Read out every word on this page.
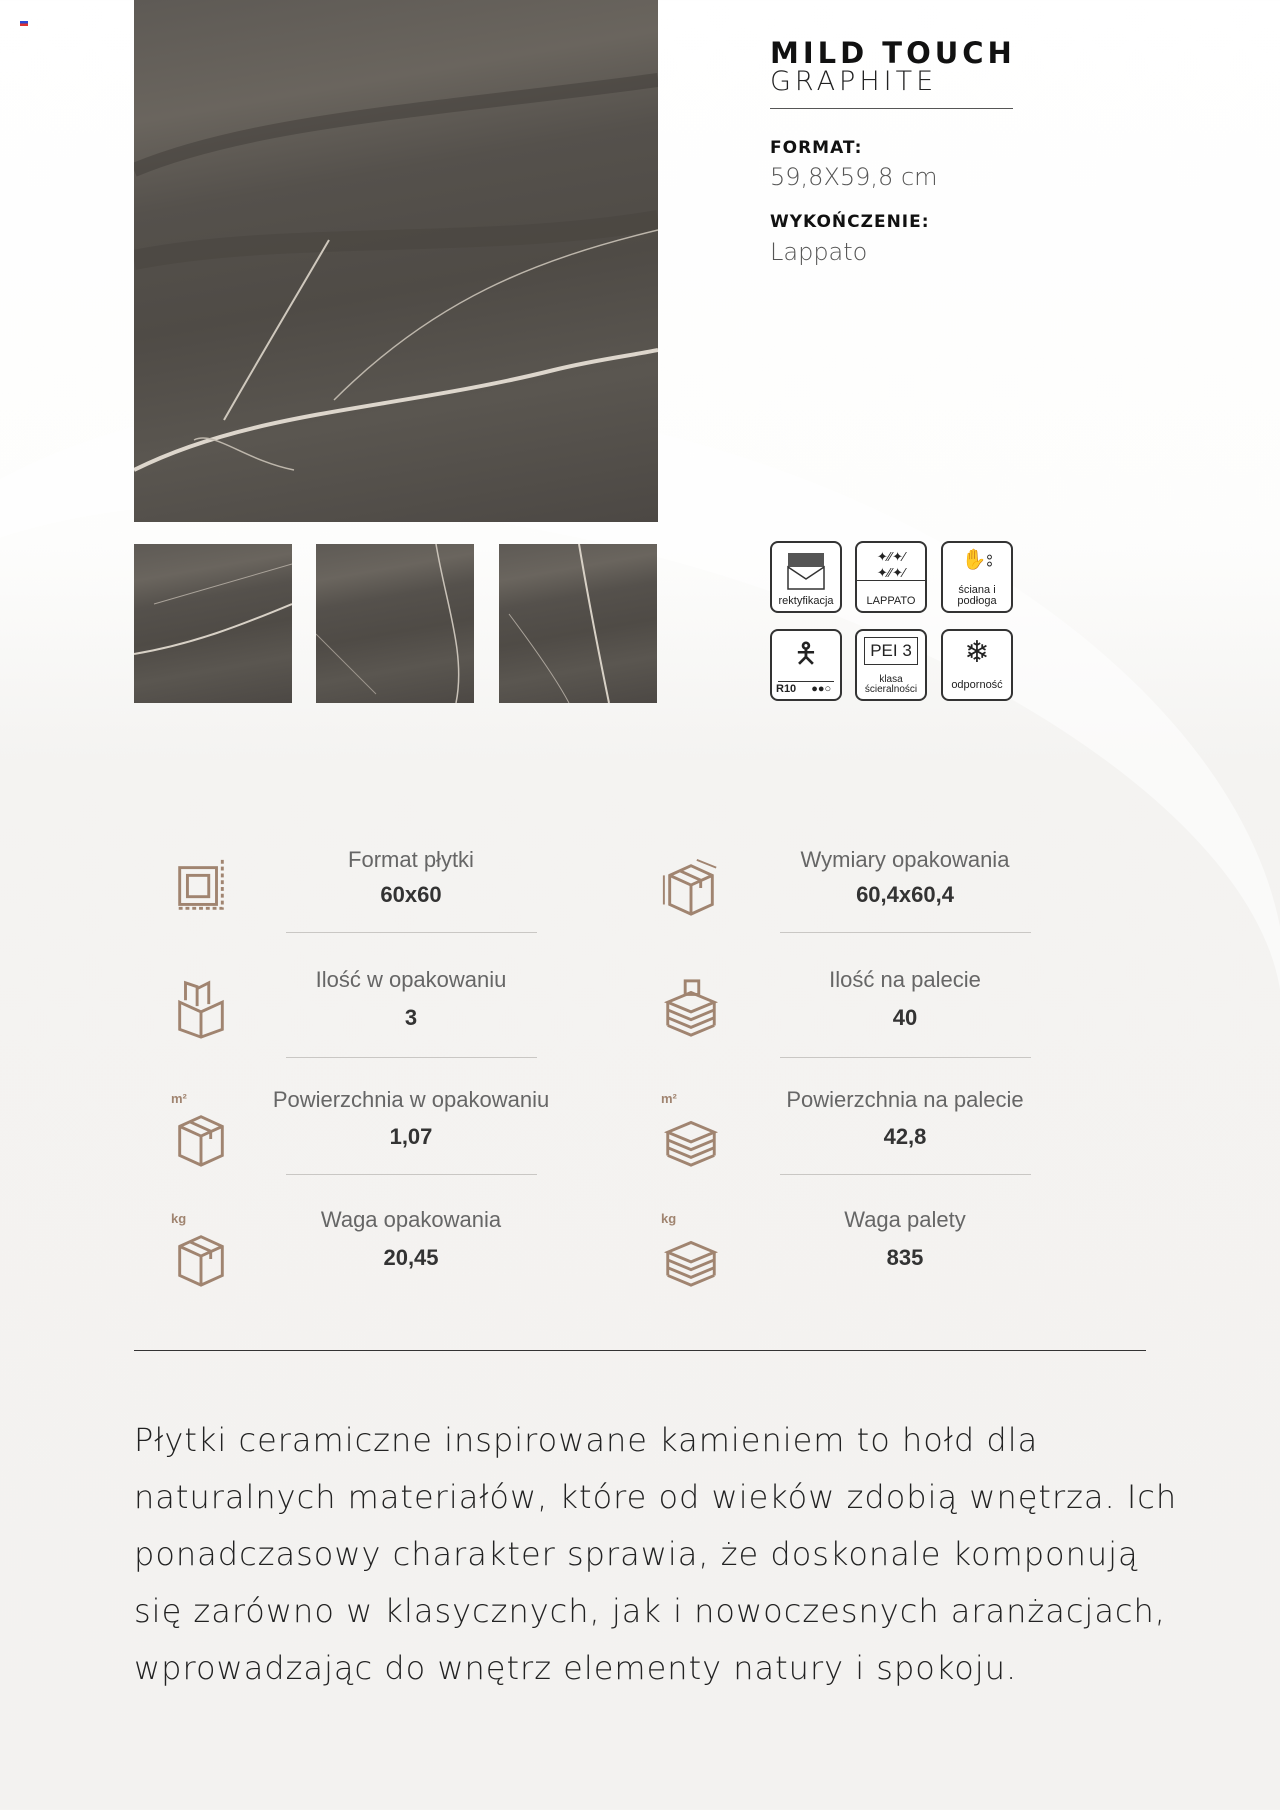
MILD TOUCH
GRAPHITE
FORMAT:
59,8X59,8 cm
WYKOŃCZENIE:
Lappato
rektyfikacja
✦⁄⁄✦⁄
✦⁄⁄✦⁄
LAPPATO
✋⦂
ściana i podłoga
🯅
R10 ●●○
PEI 3
klasa ścieralności
❄
odporność
Format płytki
60x60
Wymiary opakowania
60,4x60,4
Ilość w opakowaniu
3
Ilość na palecie
40
m²	Powierzchnia w opakowaniu
1,07
m²	Powierzchnia na palecie
42,8
kg	Waga opakowania
20,45
kg	Waga palety
835

Płytki ceramiczne inspirowane kamieniem to hołd dla naturalnych materiałów, które od wieków zdobią wnętrza. Ich ponadczasowy charakter sprawia, że doskonale komponują się zarówno w klasycznych, jak i nowoczesnych aranżacjach, wprowadzając do wnętrz elementy natury i spokoju.
